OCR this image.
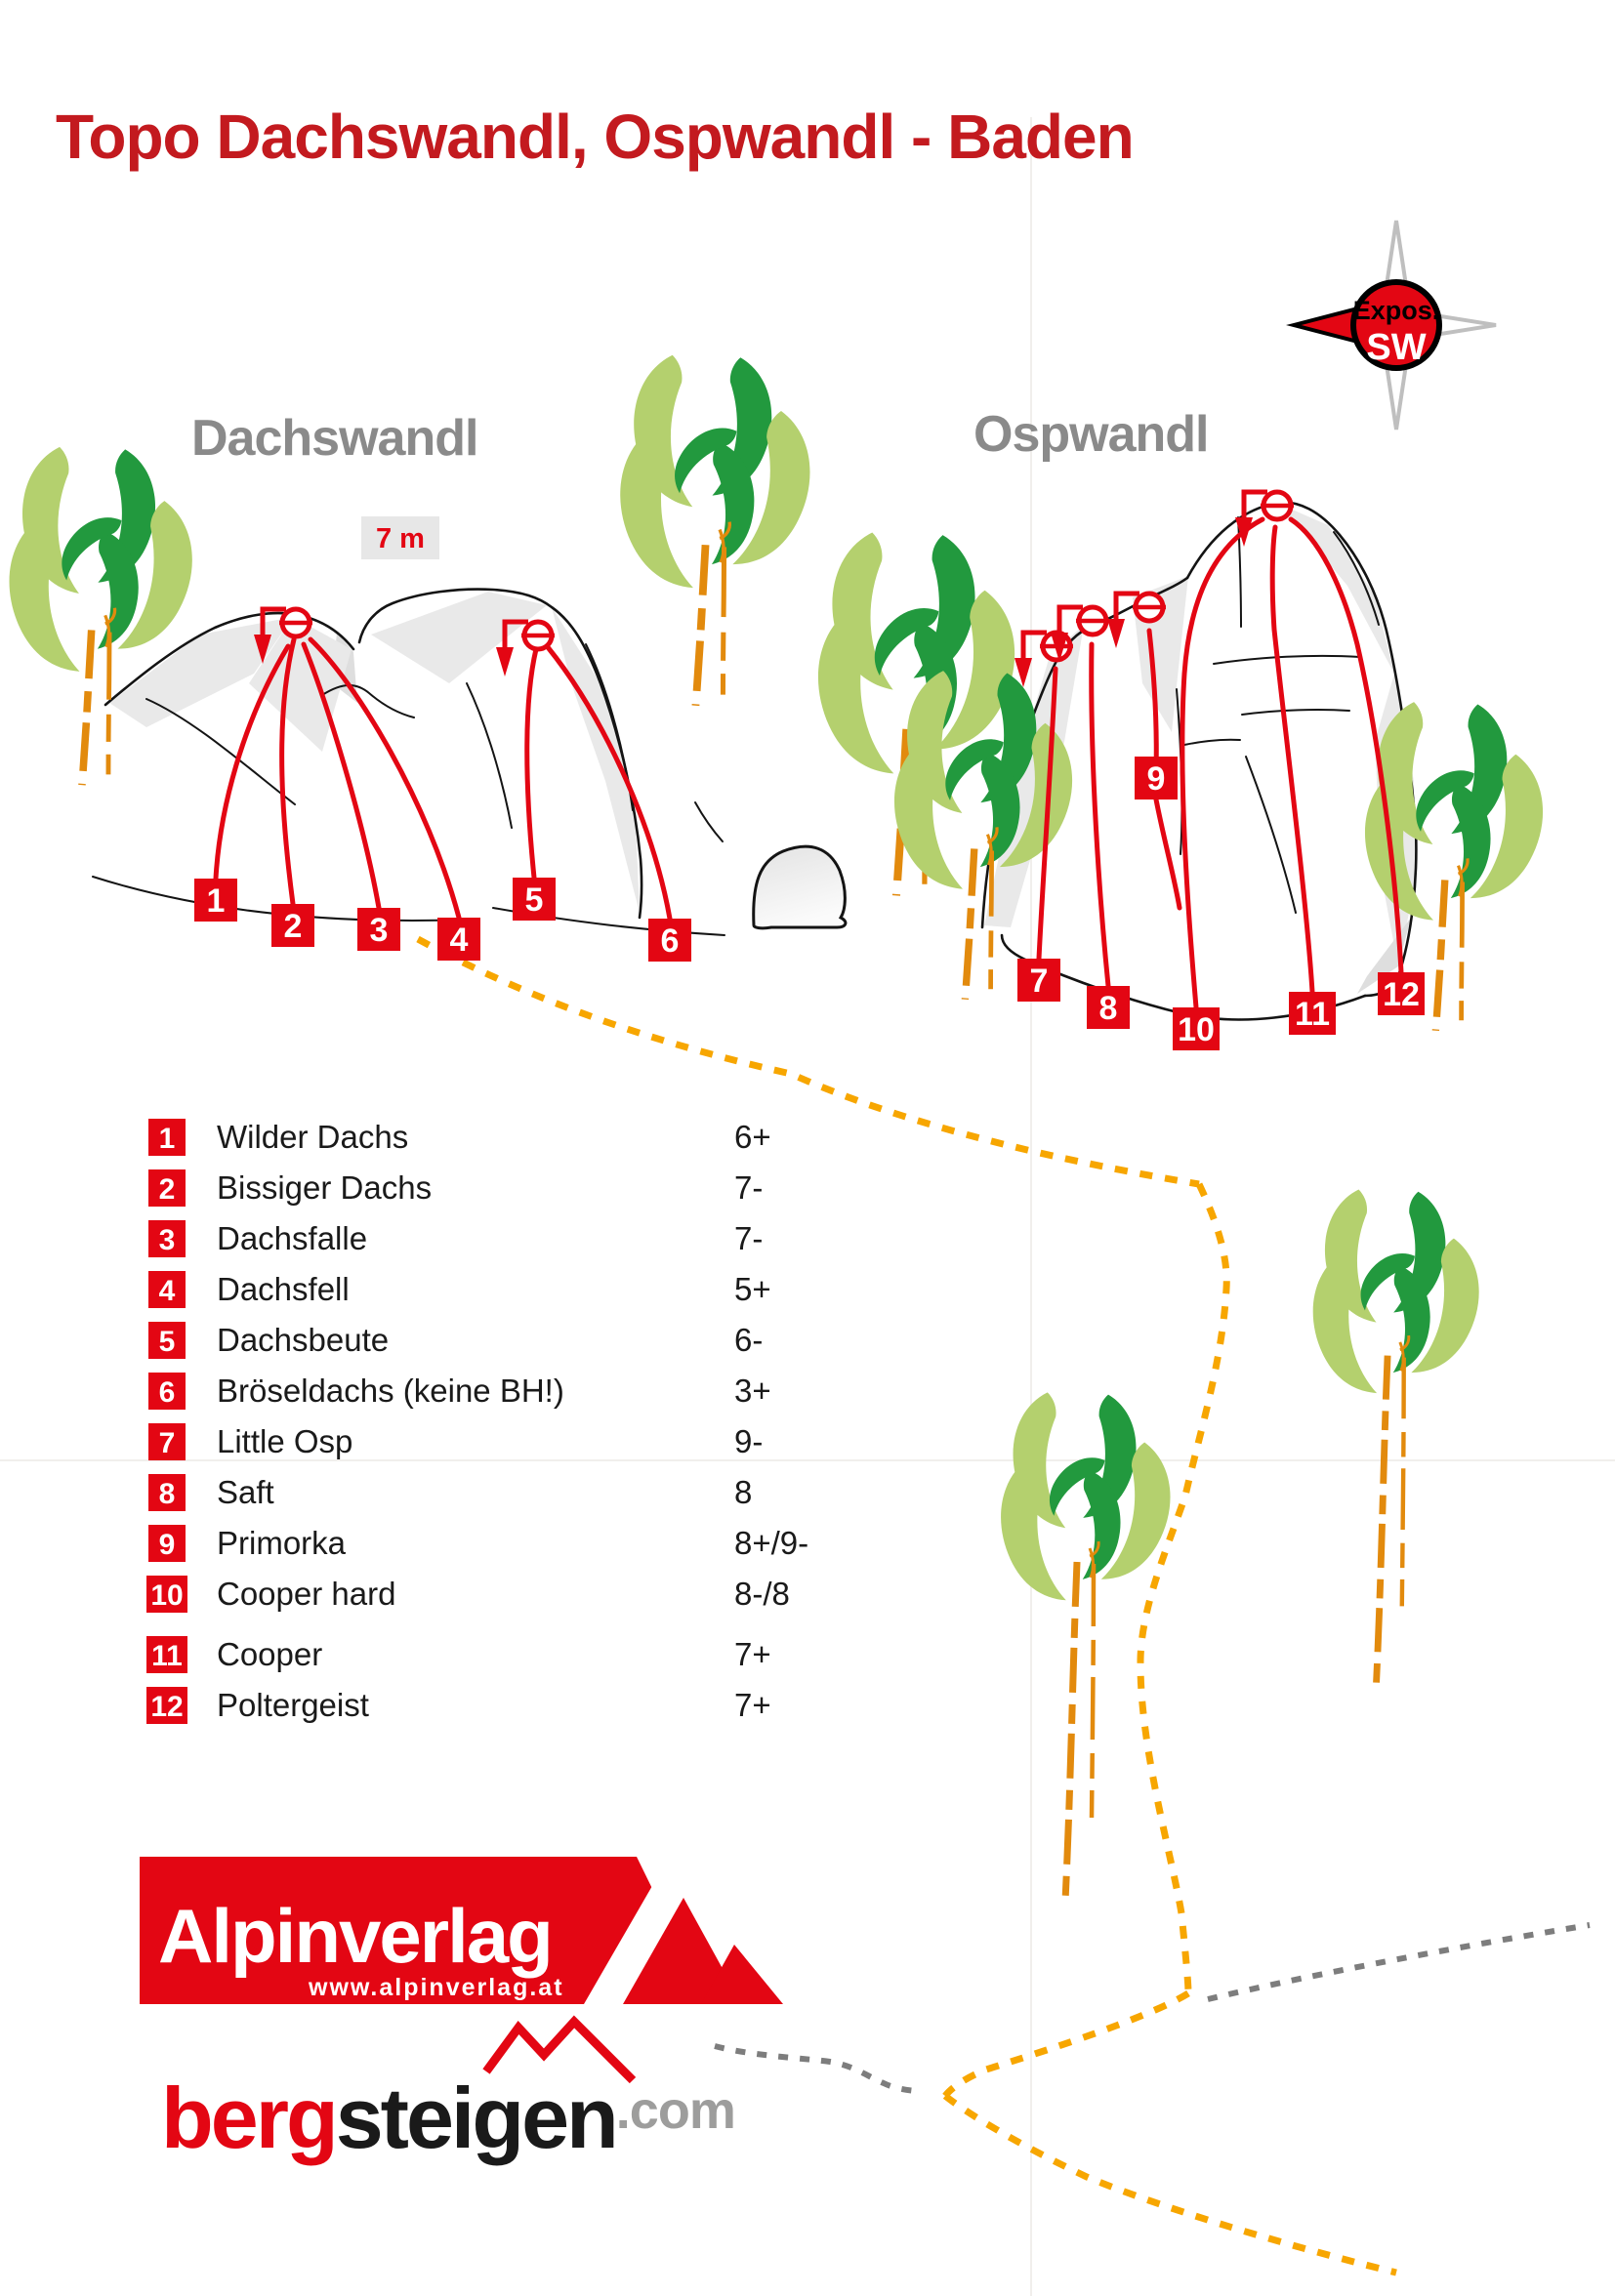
Topo Dachswandl, Ospwandl - Baden
Expos.
SW
Dachswandl	Ospwandl
7 m
1
2 3 4
5
6
7
8
9
10 11
12
1 Wilder Dachs	6+
2 Bissiger Dachs	7-
3 Dachsfalle	7-
4 Dachsfell	5+
5 Dachsbeute	6-
6 Bröseldachs (keine BH!)	3+
7 Little Osp	9-
8 Saft	8
9 Primorka	8+/9-
10 Cooper hard	8-/8
11 Cooper	7+
12 Poltergeist	7+
Alpinverlag
www.alpinverlag.at
bergsteigen.com
